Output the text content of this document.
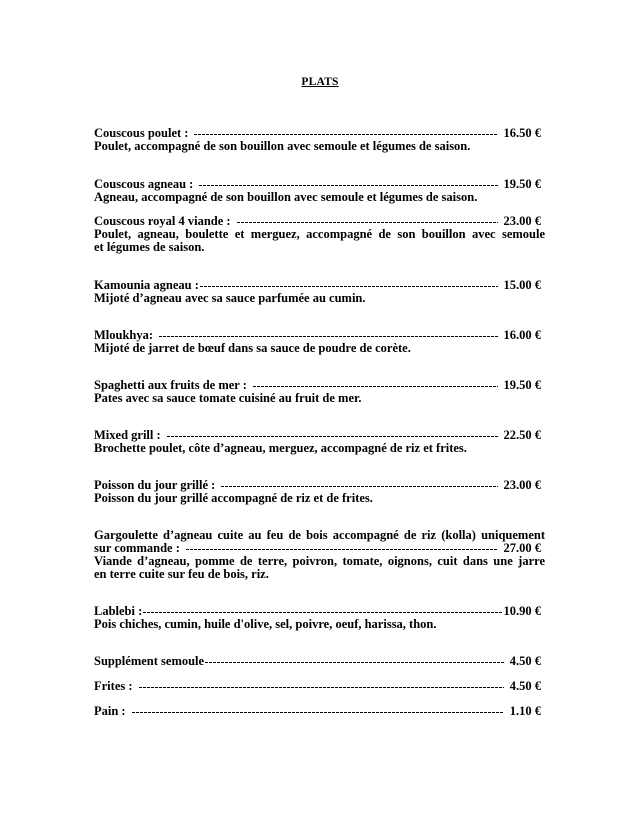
PLATS
Couscous poulet :	16.50 €
Poulet, accompagné de son bouillon avec semoule et légumes de saison.
Couscous agneau :	19.50 €
Agneau, accompagné de son bouillon avec semoule et légumes de saison.
Couscous royal 4 viande :	23.00 €
Poulet, agneau, boulette et merguez, accompagné de son bouillon avec semoule
et légumes de saison.
Kamounia agneau :	15.00 €
Mijoté d’agneau avec sa sauce parfumée au cumin.
Mloukhya:	16.00 €
Mijoté de jarret de bœuf dans sa sauce de poudre de corète.
Spaghetti aux fruits de mer :	19.50 €
Pates avec sa sauce tomate cuisiné au fruit de mer.
Mixed grill :	22.50 €
Brochette poulet, côte d’agneau, merguez, accompagné de riz et frites.
Poisson du jour grillé :	23.00 €
Poisson du jour grillé accompagné de riz et de frites.
Gargoulette d’agneau cuite au feu de bois accompagné de riz (kolla) uniquement
sur commande :	27.00 €
Viande d’agneau, pomme de terre, poivron, tomate, oignons, cuit dans une jarre
en terre cuite sur feu de bois, riz.
Lablebi :	10.90 €
Pois chiches, cumin, huile d'olive, sel, poivre, oeuf, harissa, thon.
Supplément semoule	4.50 €
Frites :	4.50 €
Pain :	1.10 €
